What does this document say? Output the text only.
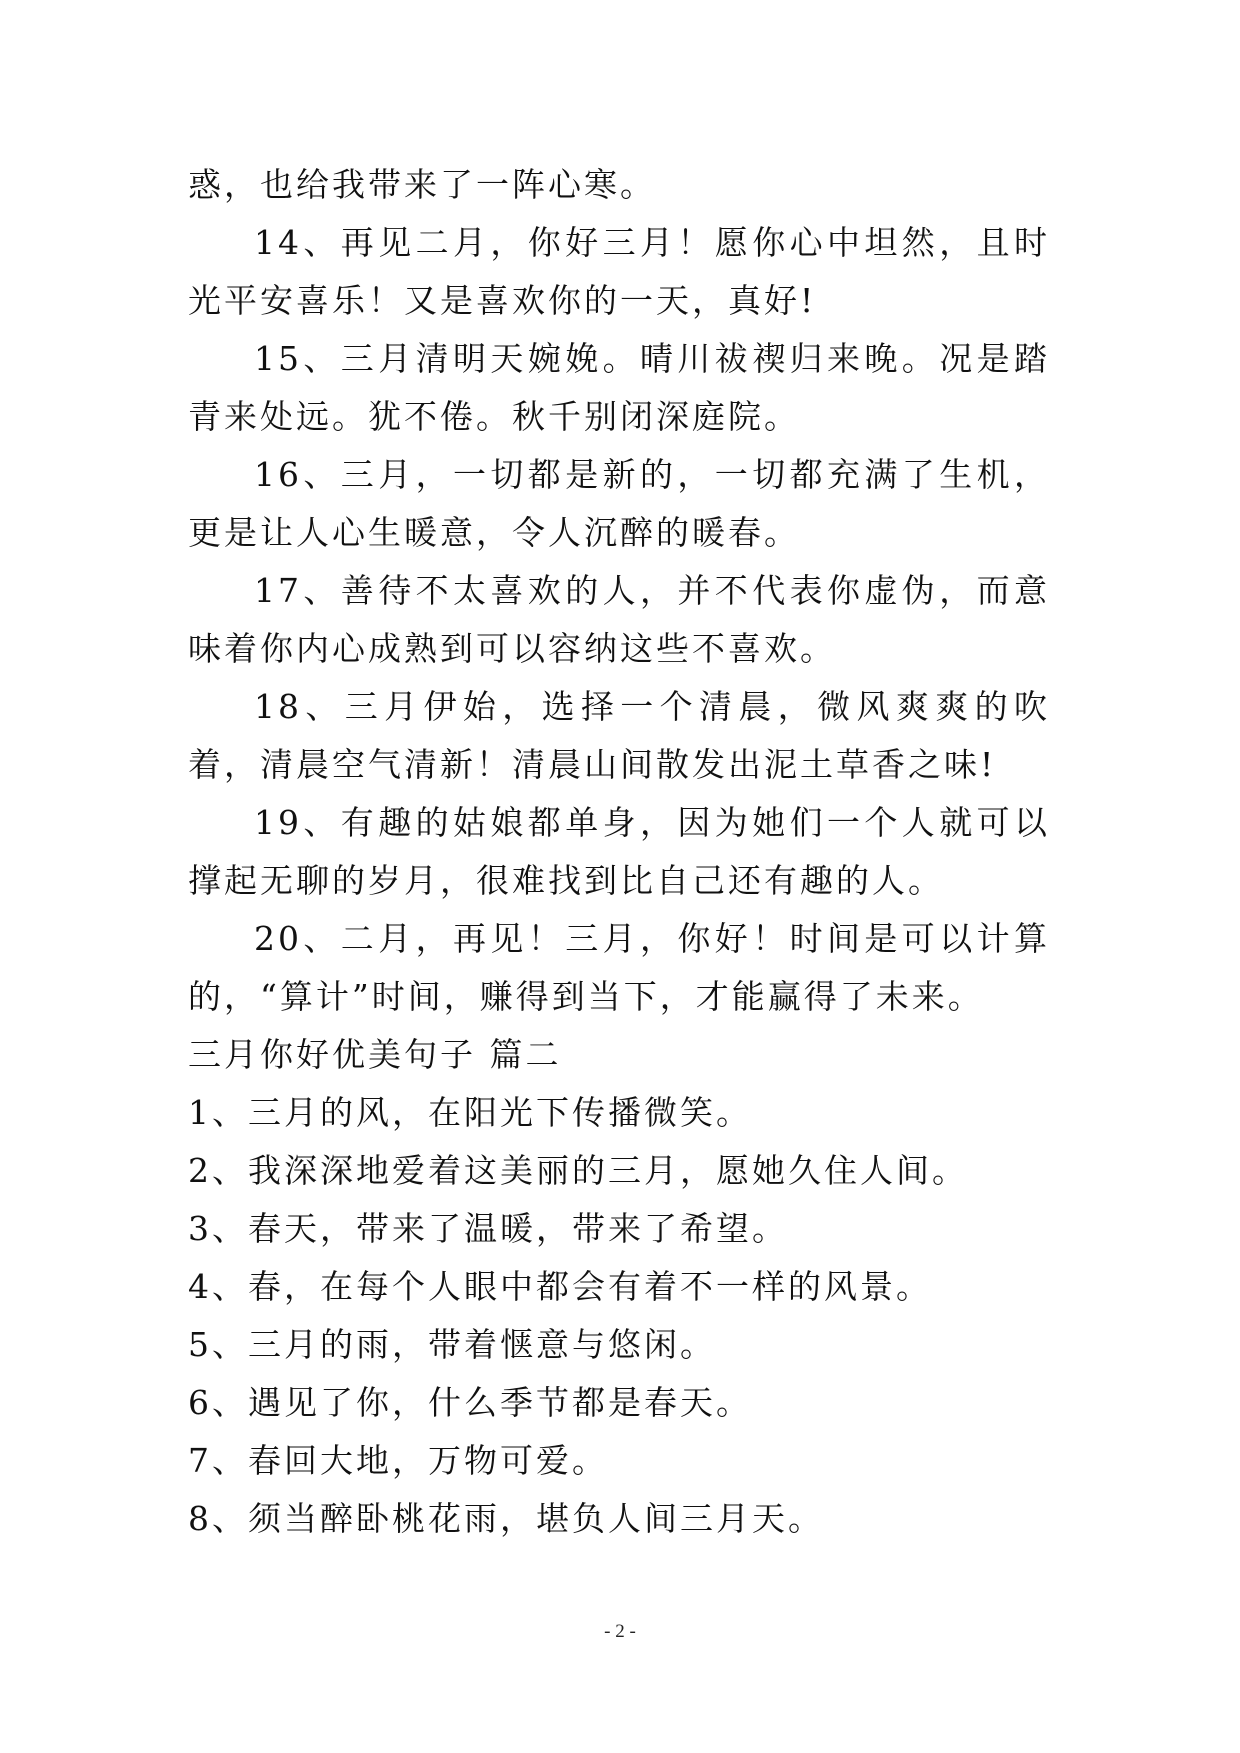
惑，也给我带来了一阵心寒。

14、再见二月，你好三月！愿你心中坦然，且时光平安喜乐！又是喜欢你的一天，真好!

15、三月清明天婉娩。晴川祓禊归来晚。况是踏青来处远。犹不倦。秋千别闭深庭院。

16、三月，一切都是新的，一切都充满了生机，更是让人心生暖意，令人沉醉的暖春。

17、善待不太喜欢的人，并不代表你虚伪，而意味着你内心成熟到可以容纳这些不喜欢。

18、三月伊始，选择一个清晨，微风爽爽的吹着，清晨空气清新！清晨山间散发出泥土草香之味!

19、有趣的姑娘都单身，因为她们一个人就可以撑起无聊的岁月，很难找到比自己还有趣的人。

20、二月，再见！三月，你好！时间是可以计算的，“算计”时间，赚得到当下，才能赢得了未来。

三月你好优美句子 篇二

1、三月的风，在阳光下传播微笑。

2、我深深地爱着这美丽的三月，愿她久住人间。

3、春天，带来了温暖，带来了希望。

4、春，在每个人眼中都会有着不一样的风景。

5、三月的雨，带着惬意与悠闲。

6、遇见了你，什么季节都是春天。

7、春回大地，万物可爱。

8、须当醉卧桃花雨，堪负人间三月天。

- 2 -
